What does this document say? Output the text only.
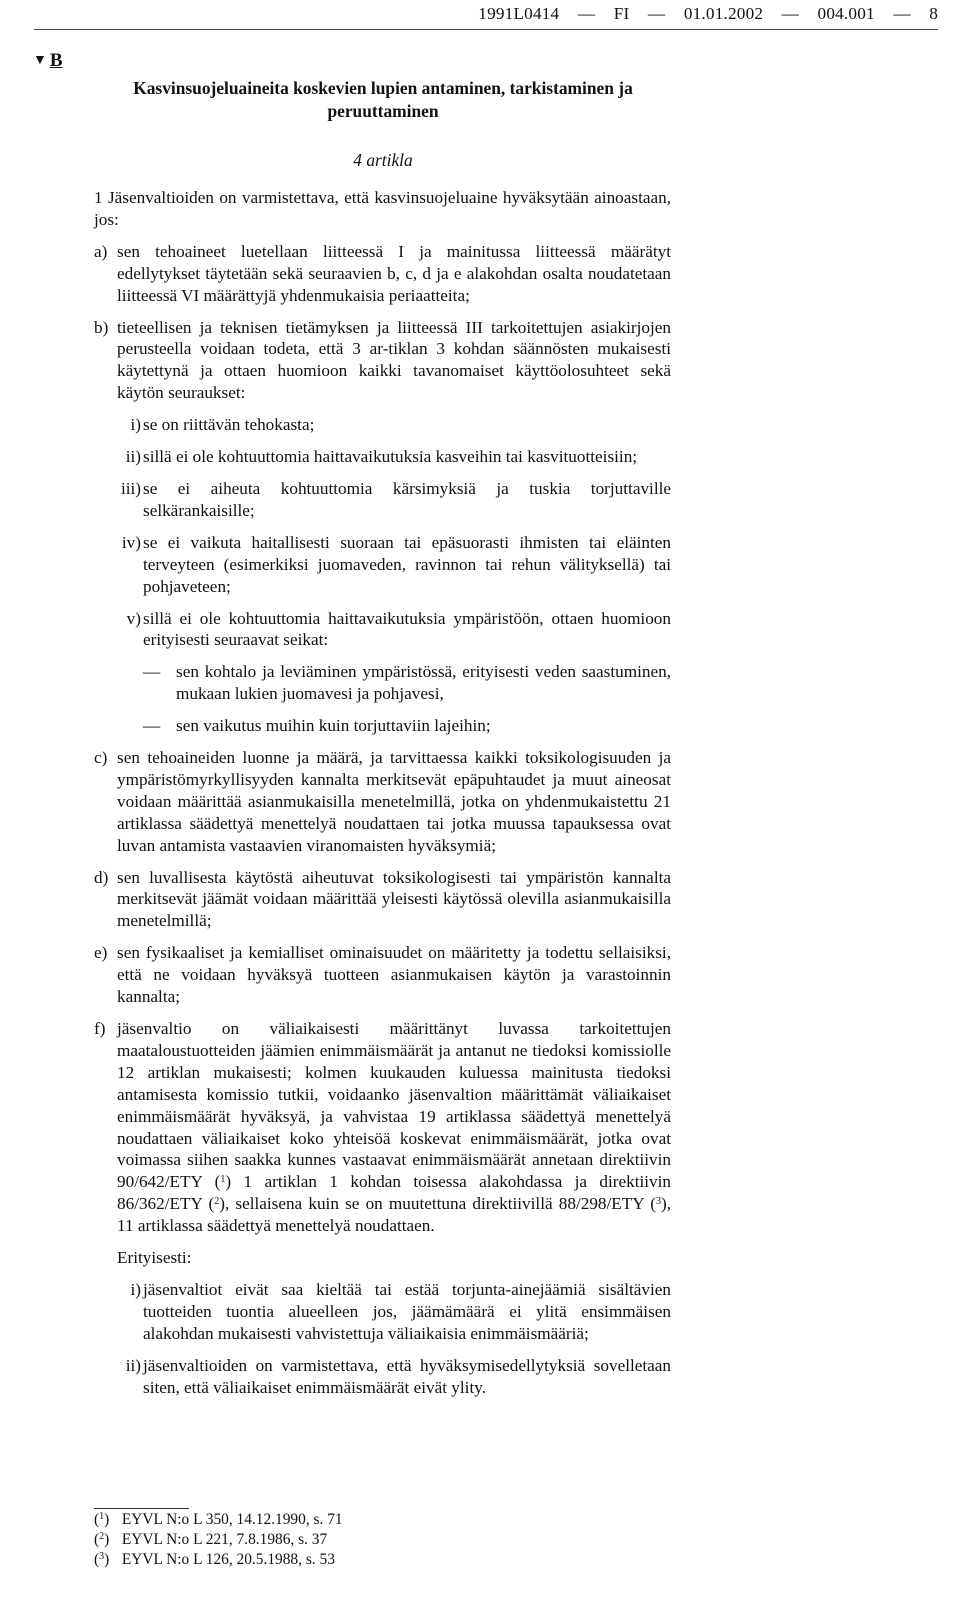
1991L0414 — FI — 01.01.2002 — 004.001 — 8
▼ B
Kasvinsuojeluaineita koskevien lupien antaminen, tarkistaminen ja peruuttaminen
4 artikla

1 Jäsenvaltioiden on varmistettava, että kasvinsuojeluaine hyväksytään ainoastaan, jos:

a) sen tehoaineet luetellaan liitteessä I ja mainitussa liitteessä määrätyt edellytykset täytetään sekä seuraavien b, c, d ja e alakohdan osalta noudatetaan liitteessä VI määrättyjä yhdenmukaisia periaatteita;

b) tieteellisen ja teknisen tietämyksen ja liitteessä III tarkoitettujen asiakirjojen perusteella voidaan todeta, että 3 ar-tiklan 3 kohdan säännösten mukaisesti käytettynä ja ottaen huomioon kaikki tavanomaiset käyttöolosuhteet sekä käytön seuraukset:

i) se on riittävän tehokasta;

ii) sillä ei ole kohtuuttomia haittavaikutuksia kasveihin tai kasvituotteisiin;

iii) se ei aiheuta kohtuuttomia kärsimyksiä ja tuskia torjuttaville selkärankaisille;

iv) se ei vaikuta haitallisesti suoraan tai epäsuorasti ihmisten tai eläinten terveyteen (esimerkiksi juomaveden, ravinnon tai rehun välityksellä) tai pohjaveteen;

v) sillä ei ole kohtuuttomia haittavaikutuksia ympäristöön, ottaen huomioon erityisesti seuraavat seikat:

— sen kohtalo ja leviäminen ympäristössä, erityisesti veden saastuminen, mukaan lukien juomavesi ja pohjavesi,

— sen vaikutus muihin kuin torjuttaviin lajeihin;

c) sen tehoaineiden luonne ja määrä, ja tarvittaessa kaikki toksikologisuuden ja ympäristömyrkyllisyyden kannalta merkitsevät epäpuhtaudet ja muut aineosat voidaan määrittää asianmukaisilla menetelmillä, jotka on yhdenmukaistettu 21 artiklassa säädettyä menettelyä noudattaen tai jotka muussa tapauksessa ovat luvan antamista vastaavien viranomaisten hyväksymiä;

d) sen luvallisesta käytöstä aiheutuvat toksikologisesti tai ympäristön kannalta merkitsevät jäämät voidaan määrittää yleisesti käytössä olevilla asianmukaisilla menetelmillä;

e) sen fysikaaliset ja kemialliset ominaisuudet on määritetty ja todettu sellaisiksi, että ne voidaan hyväksyä tuotteen asianmukaisen käytön ja varastoinnin kannalta;

f) jäsenvaltio on väliaikaisesti määrittänyt luvassa tarkoitettujen maataloustuotteiden jäämien enimmäismäärät ja antanut ne tiedoksi komissiolle 12 artiklan mukaisesti; kolmen kuukauden kuluessa mainitusta tiedoksi antamisesta komissio tutkii, voidaanko jäsenvaltion määrittämät väliaikaiset enimmäismäärät hyväksyä, ja vahvistaa 19 artiklassa säädettyä menettelyä noudattaen väliaikaiset koko yhteisöä koskevat enimmäismäärät, jotka ovat voimassa siihen saakka kunnes vastaavat enimmäismäärät annetaan direktiivin 90/642/ETY ($^1$) 1 artiklan 1 kohdan toisessa alakohdassa ja direktiivin 86/362/ETY ($^2$), sellaisena kuin se on muutettuna direktiivillä 88/298/ETY ($^3$), 11 artiklassa säädettyä menettelyä noudattaen.

Erityisesti:

i) jäsenvaltiot eivät saa kieltää tai estää torjunta-ainejäämiä sisältävien tuotteiden tuontia alueelleen jos, jäämämäärä ei ylitä ensimmäisen alakohdan mukaisesti vahvistettuja väliaikaisia enimmäismääriä;

ii) jäsenvaltioiden on varmistettava, että hyväksymisedellytyksiä sovelletaan siten, että väliaikaiset enimmäismäärät eivät ylity.

($^1$) EYVL N:o L 350, 14.12.1990, s. 71
($^2$) EYVL N:o L 221, 7.8.1986, s. 37
($^3$) EYVL N:o L 126, 20.5.1988, s. 53
